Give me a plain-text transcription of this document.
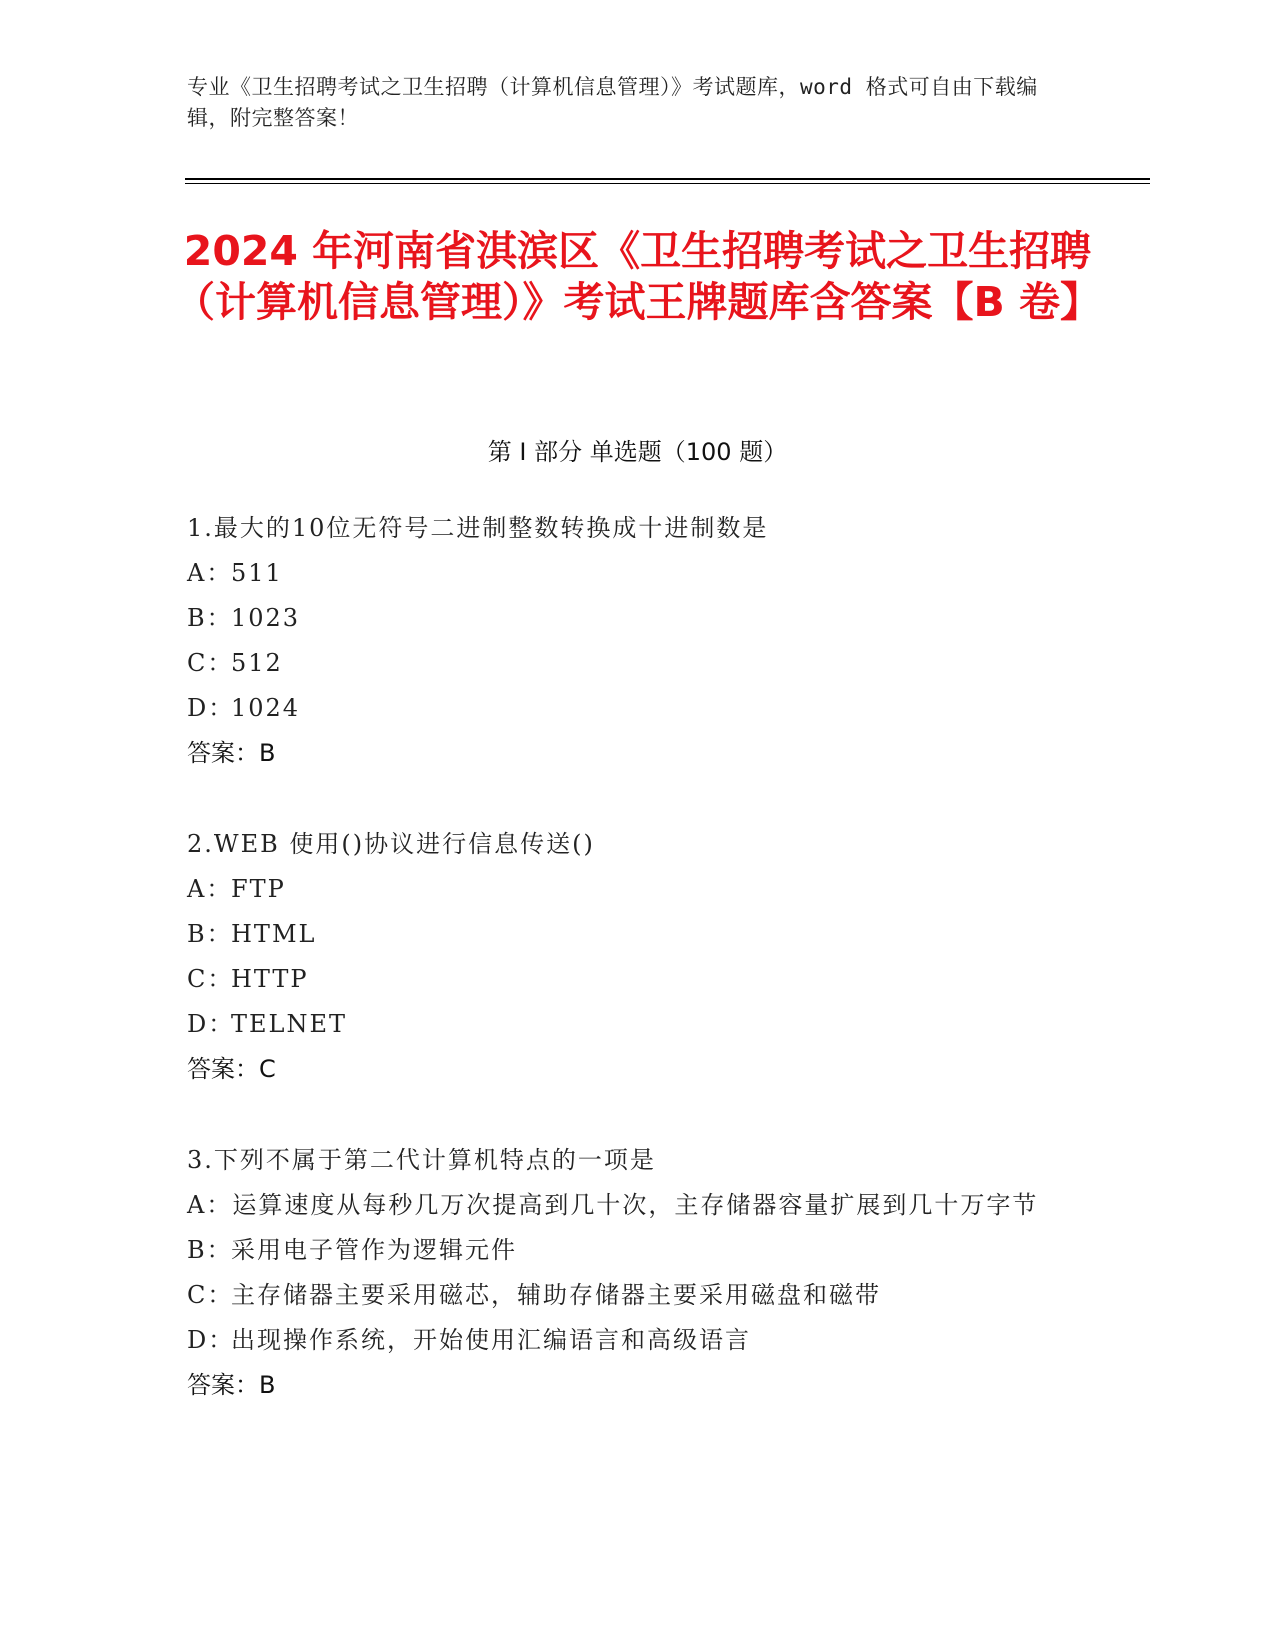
专业《卫生招聘考试之卫生招聘（计算机信息管理）》考试题库，word 格式可自由下载编辑，附完整答案！
2024 年河南省淇滨区《卫生招聘考试之卫生招聘（计算机信息管理）》考试王牌题库含答案【B 卷】
第 I 部分 单选题（100 题）
1.最大的10位无符号二进制整数转换成十进制数是
A：511
B：1023
C：512
D：1024
答案：B
2.WEB 使用()协议进行信息传送()
A：FTP
B：HTML
C：HTTP
D：TELNET
答案：C
3.下列不属于第二代计算机特点的一项是
A：运算速度从每秒几万次提高到几十次，主存储器容量扩展到几十万字节
B：采用电子管作为逻辑元件
C：主存储器主要采用磁芯，辅助存储器主要采用磁盘和磁带
D：出现操作系统，开始使用汇编语言和高级语言
答案：B
